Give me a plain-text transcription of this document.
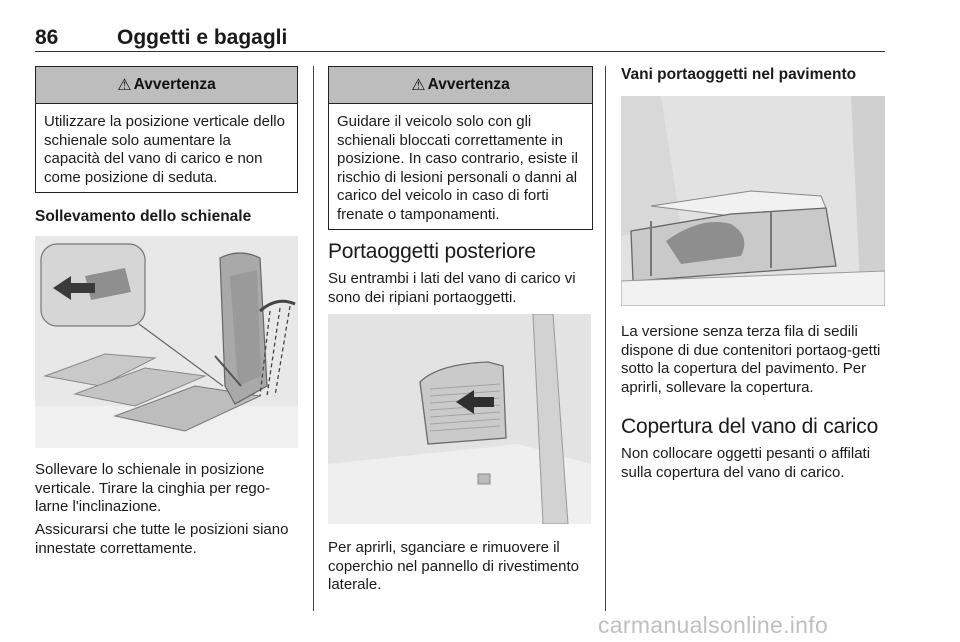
86	Oggetti e bagagli
⚠ Avvertenza
Utilizzare la posizione verticale dello schienale solo aumentare la capacità del vano di carico e non come posizione di seduta.
Sollevamento dello schienale
Sollevare lo schienale in posizione verticale. Tirare la cinghia per rego-larne l'inclinazione.
Assicurarsi che tutte le posizioni siano innestate correttamente.
⚠ Avvertenza
Guidare il veicolo solo con gli schienali bloccati correttamente in posizione. In caso contrario, esiste il rischio di lesioni personali o danni al carico del veicolo in caso di forti frenate o tamponamenti.
Portaoggetti posteriore
Su entrambi i lati del vano di carico vi sono dei ripiani portaoggetti.
Per aprirli, sganciare e rimuovere il coperchio nel pannello di rivestimento laterale.
Vani portaoggetti nel pavimento
La versione senza terza fila di sedili dispone di due contenitori portaog-getti sotto la copertura del pavimento. Per aprirli, sollevare la copertura.
Copertura del vano di carico
Non collocare oggetti pesanti o affilati sulla copertura del vano di carico.
carmanualsonline.info
